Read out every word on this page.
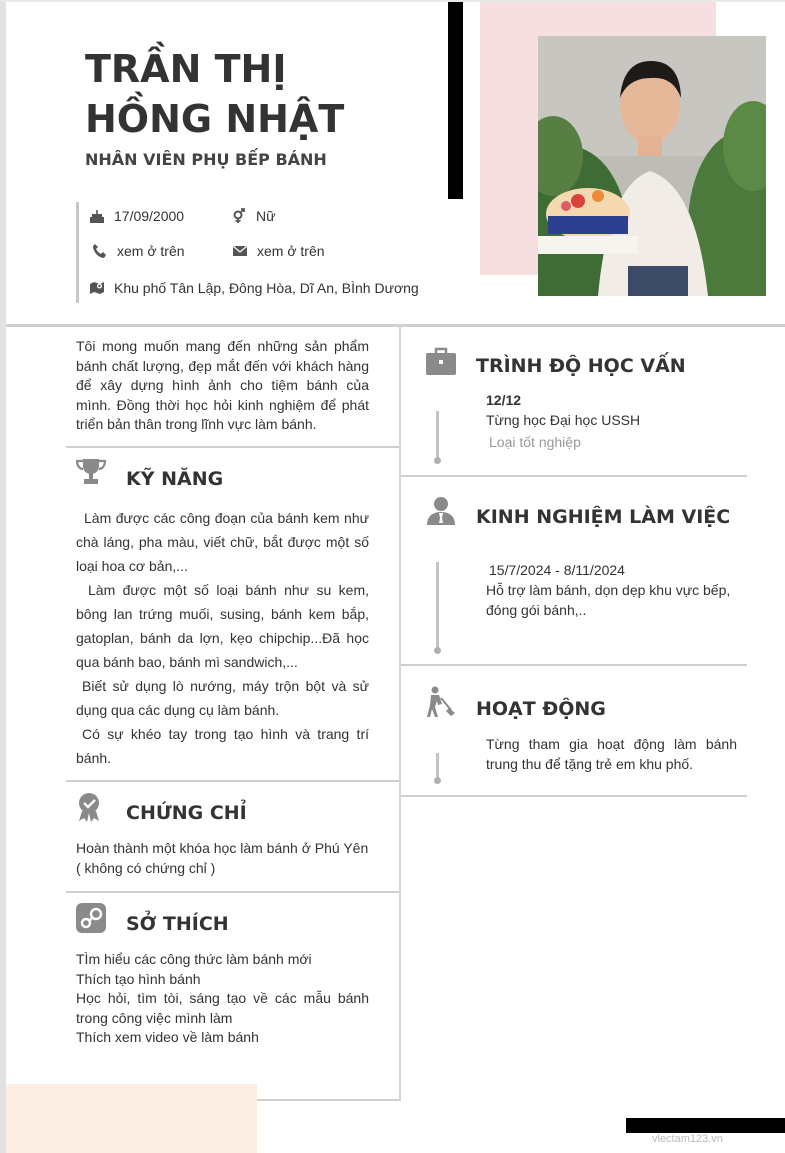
TRẦN THỊ HỒNG NHẬT
NHÂN VIÊN PHỤ BẾP BÁNH
17/09/2000	Nữ
xem ở trên	xem ở trên
Khu phố Tân Lập, Đông Hòa, Dĩ An, BÌnh Dương

Tôi mong muốn mang đến những sản phẩm bánh chất lượng, đẹp mắt đến với khách hàng để xây dựng hình ảnh cho tiệm bánh của mình. Đồng thời học hỏi kinh nghiệm để phát triển bản thân trong lĩnh vực làm bánh.

KỸ NĂNG

Làm được các công đoạn của bánh kem như chà láng, pha màu, viết chữ, bắt được một số loại hoa cơ bản,...

Làm được một số loại bánh như su kem, bông lan trứng muối, susing, bánh kem bắp, gatoplan, bánh da lợn, kẹo chipchip...Đã học qua bánh bao, bánh mì sandwich,...

Biết sử dụng lò nướng, máy trộn bột và sử dụng qua các dụng cụ làm bánh.

Có sự khéo tay trong tạo hình và trang trí bánh.

CHỨNG CHỈ

Hoàn thành một khóa học làm bánh ở Phú Yên ( không có chứng chỉ )

SỞ THÍCH

TÌm hiểu các công thức làm bánh mới

Thích tạo hình bánh

Học hỏi, tìm tòi, sáng tạo về các mẫu bánh trong công việc mình làm

Thích xem video về làm bánh

TRÌNH ĐỘ HỌC VẤN
12/12
Từng học Đại học USSH
Loại tốt nghiệp
KINH NGHIỆM LÀM VIỆC
15/7/2024 - 8/11/2024

Hỗ trợ làm bánh, dọn dẹp khu vực bếp, đóng gói bánh,..

HOẠT ĐỘNG

Từng tham gia hoạt động làm bánh trung thu để tặng trẻ em khu phố.

vlectam123.vn
